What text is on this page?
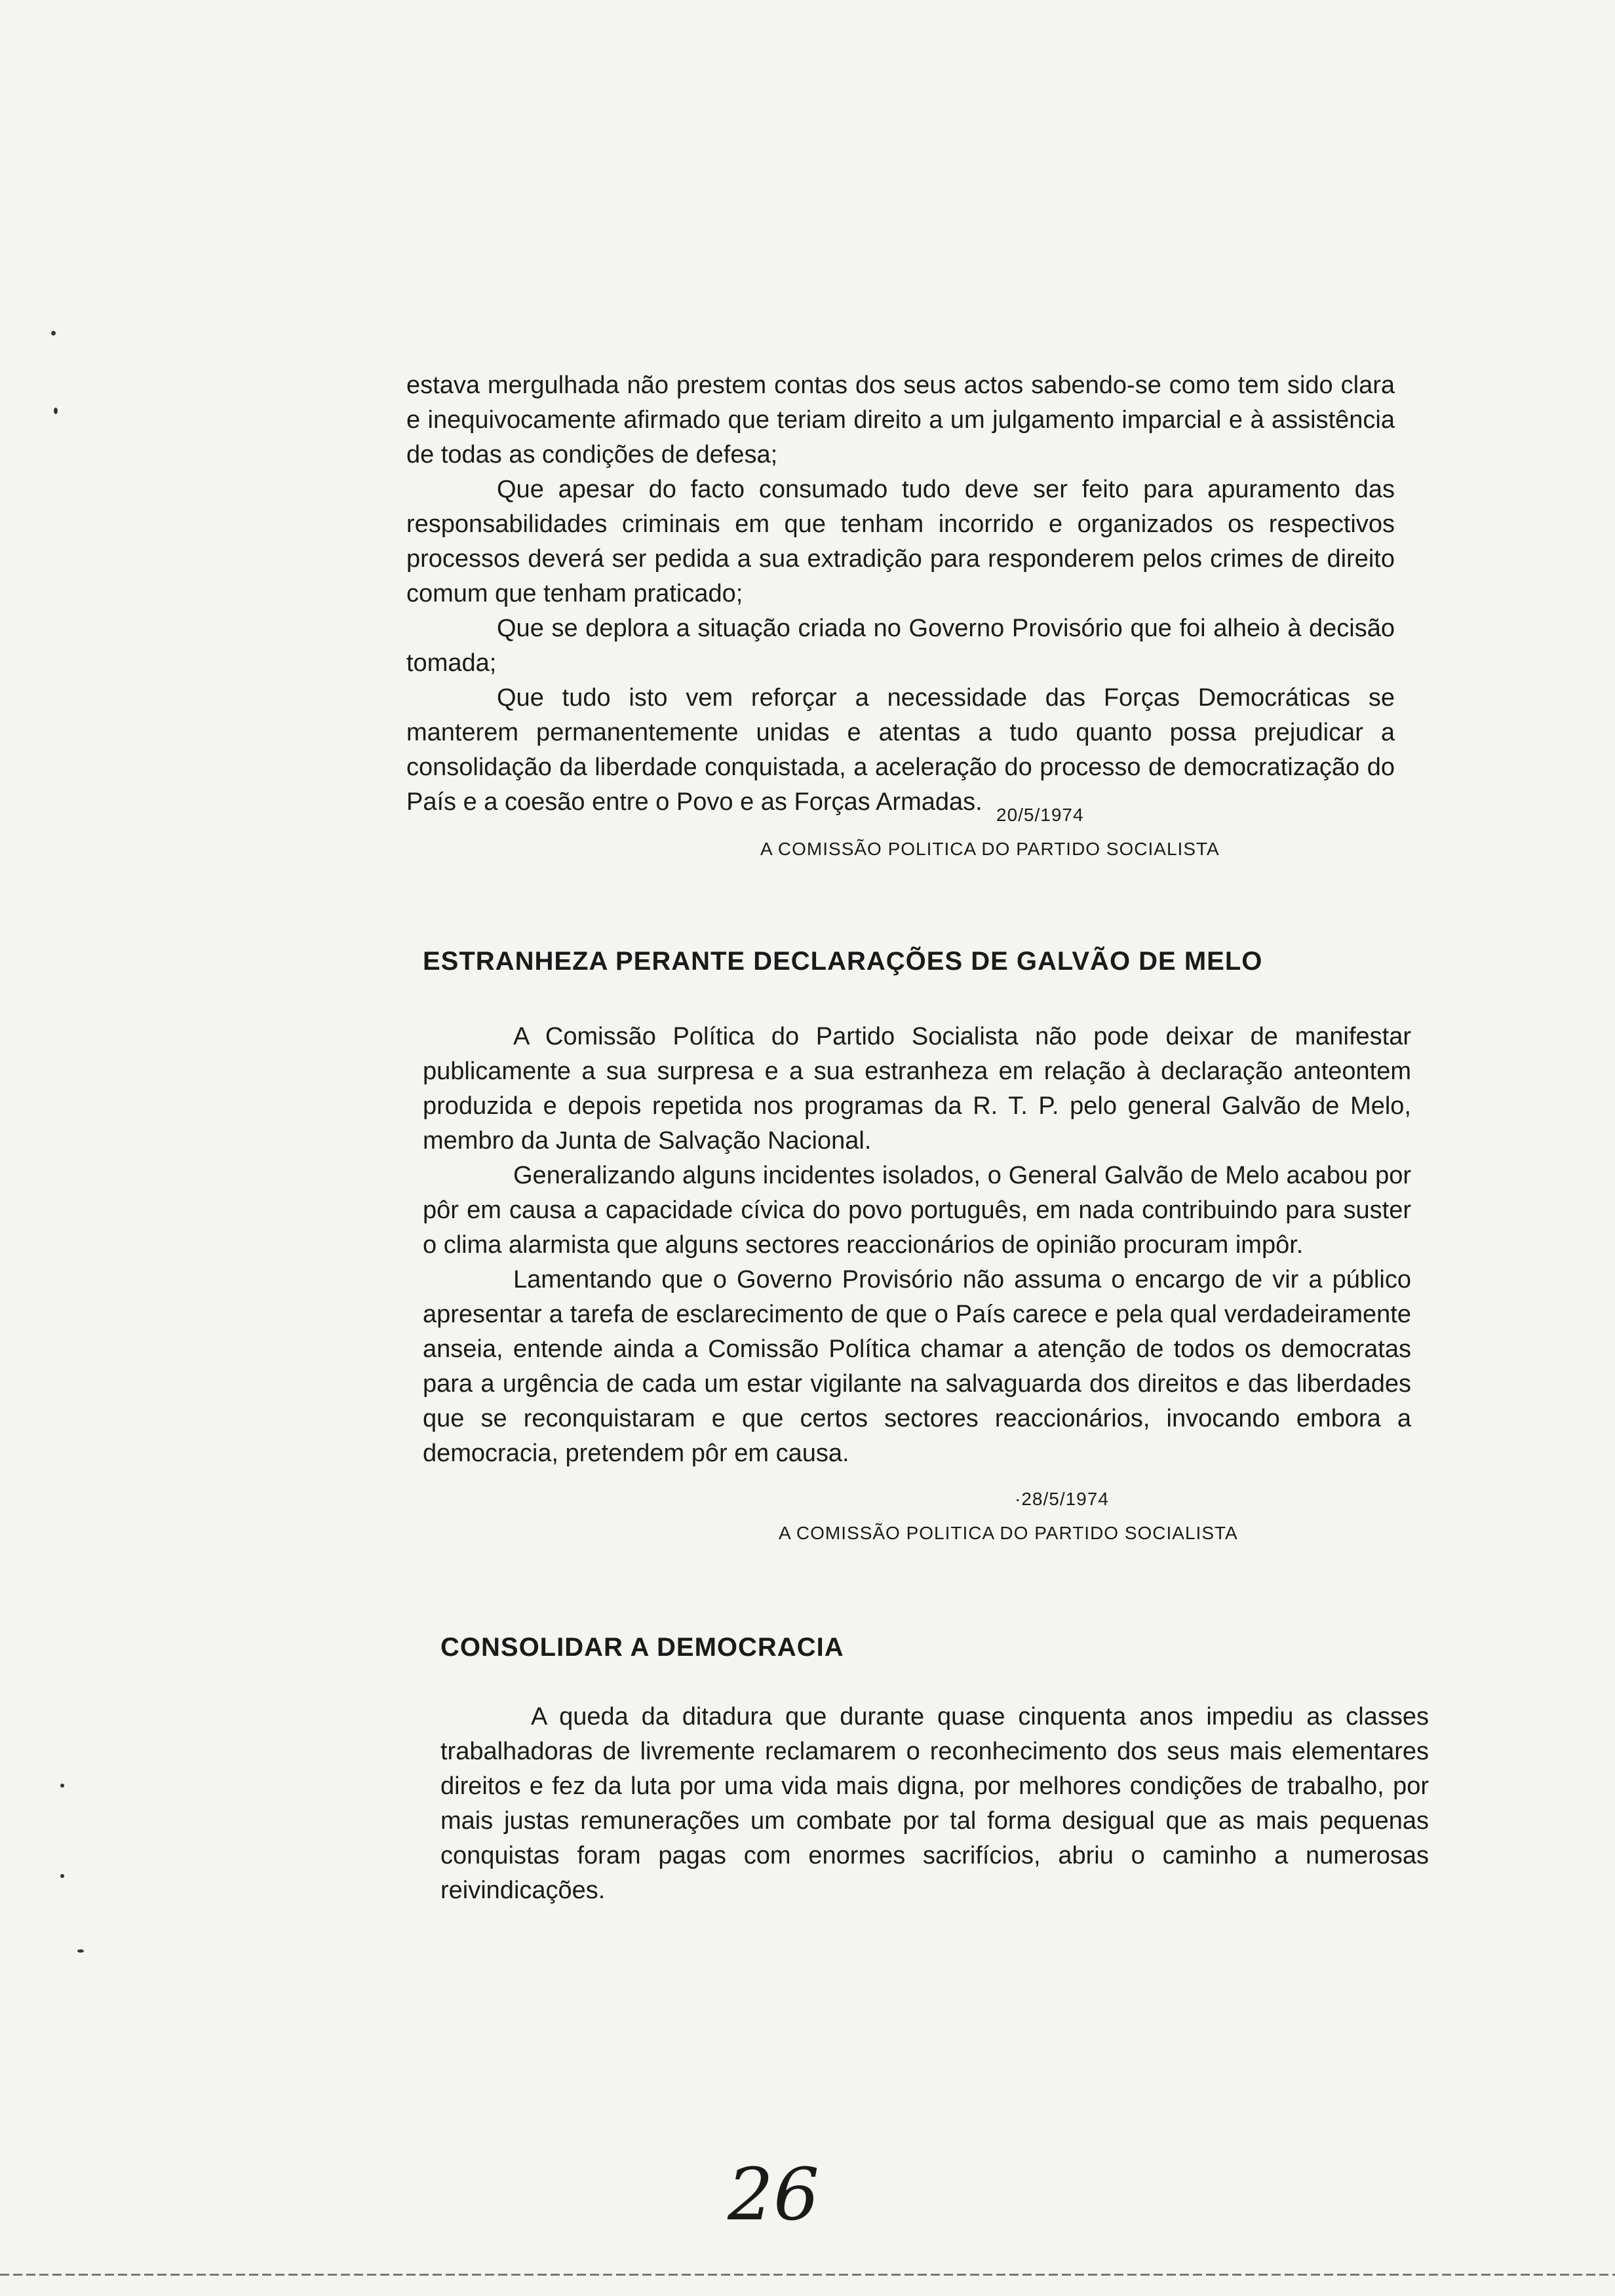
estava mergulhada não prestem contas dos seus actos sabendo-se como tem sido clara e inequivocamente afirmado que teriam direito a um julgamento imparcial e à assistência de todas as condições de defesa;

Que apesar do facto consumado tudo deve ser feito para apuramento das responsabilidades criminais em que tenham incorrido e organizados os respectivos processos deverá ser pedida a sua extradição para responderem pelos crimes de direito comum que tenham praticado;

Que se deplora a situação criada no Governo Provisório que foi alheio à decisão tomada;

Que tudo isto vem reforçar a necessidade das Forças Democráticas se manterem permanentemente unidas e atentas a tudo quanto possa prejudicar a consolidação da liberdade conquistada, a aceleração do processo de democratização do País e a coesão entre o Povo e as Forças Armadas. 20/5/1974
A COMISSÃO POLITICA DO PARTIDO SOCIALISTA
ESTRANHEZA PERANTE DECLARAÇÕES DE GALVÃO DE MELO

A Comissão Política do Partido Socialista não pode deixar de manifestar publicamente a sua surpresa e a sua estranheza em relação à declaração anteontem produzida e depois repetida nos programas da R. T. P. pelo general Galvão de Melo, membro da Junta de Salvação Nacional.

Generalizando alguns incidentes isolados, o General Galvão de Melo acabou por pôr em causa a capacidade cívica do povo português, em nada contribuindo para suster o clima alarmista que alguns sectores reaccionários de opinião procuram impôr.

Lamentando que o Governo Provisório não assuma o encargo de vir a público apresentar a tarefa de esclarecimento de que o País carece e pela qual verdadeiramente anseia, entende ainda a Comissão Política chamar a atenção de todos os democratas para a urgência de cada um estar vigilante na salvaguarda dos direitos e das liberdades que se reconquistaram e que certos sectores reaccionários, invocando embora a democracia, pretendem pôr em causa.

·28/5/1974
A COMISSÃO POLITICA DO PARTIDO SOCIALISTA
CONSOLIDAR A DEMOCRACIA

A queda da ditadura que durante quase cinquenta anos impediu as classes trabalhadoras de livremente reclamarem o reconhecimento dos seus mais elementares direitos e fez da luta por uma vida mais digna, por melhores condições de trabalho, por mais justas remunerações um combate por tal forma desigual que as mais pequenas conquistas foram pagas com enormes sacrifícios, abriu o caminho a numerosas reivindicações.

26
